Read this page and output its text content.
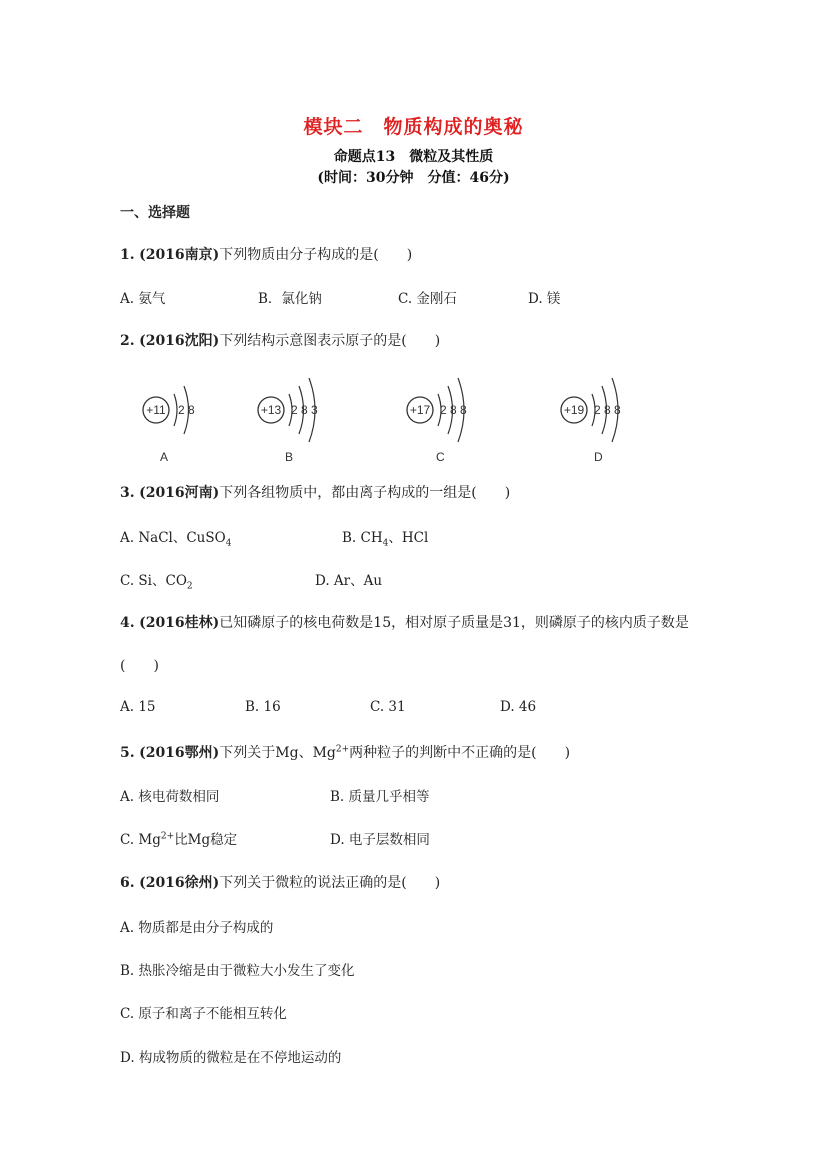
模块二　物质构成的奥秘
命题点13　微粒及其性质
(时间：30分钟　分值：46分)
一、选择题
1. (2016南京)下列物质由分子构成的是(　　)
A. 氨气	B．氯化钠	C. 金刚石	D. 镁
2. (2016沈阳)下列结构示意图表示原子的是(　　)
+11 2 8
A
+13 2 8 3
B
+17 2 8 8
C
+19 2 8 8
D
3. (2016河南)下列各组物质中，都由离子构成的一组是(　　)
A. NaCl、CuSO$_4$	B. $CH_4$、HCl
C. Si、$CO_2$	D. Ar、Au
4. (2016桂林)已知磷原子的核电荷数是15，相对原子质量是31，则磷原子的核内质子数是
(　　)
A. 15	B. 16	C. 31	D. 46
5. (2016鄂州)下列关于Mg、$Mg^{2+}$两种粒子的判断中不正确的是(　　)
A. 核电荷数相同	B. 质量几乎相等
C. $Mg^{2+}$比Mg稳定	D. 电子层数相同
6. (2016徐州)下列关于微粒的说法正确的是(　　)
A. 物质都是由分子构成的
B. 热胀冷缩是由于微粒大小发生了变化
C. 原子和离子不能相互转化
D. 构成物质的微粒是在不停地运动的
